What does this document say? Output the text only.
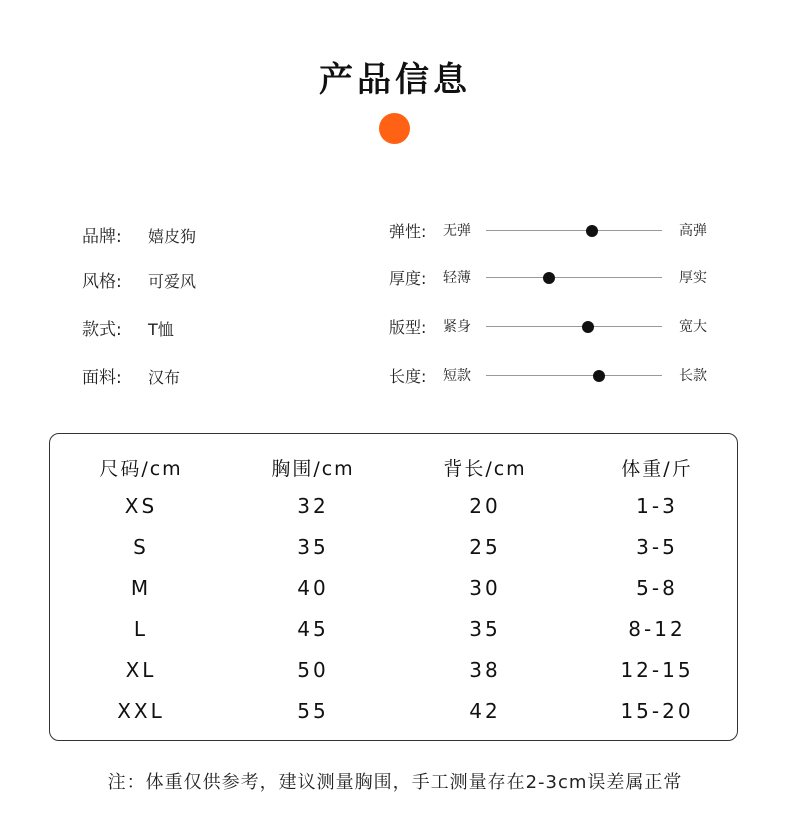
产品信息
品牌: 嬉皮狗
风格: 可爱风
款式: T恤
面料: 汉布
弹性: 无弹	高弹
厚度: 轻薄	厚实
版型: 紧身	宽大
长度: 短款	长款
尺码/cm	胸围/cm	背长/cm	体重/斤
XS	32	20	1-3
S	35	25	3-5
M	40	30	5-8
L	45	35	8-12
XL	50	38	12-15
XXL	55	42	15-20
注：体重仅供参考，建议测量胸围，手工测量存在2-3cm误差属正常
